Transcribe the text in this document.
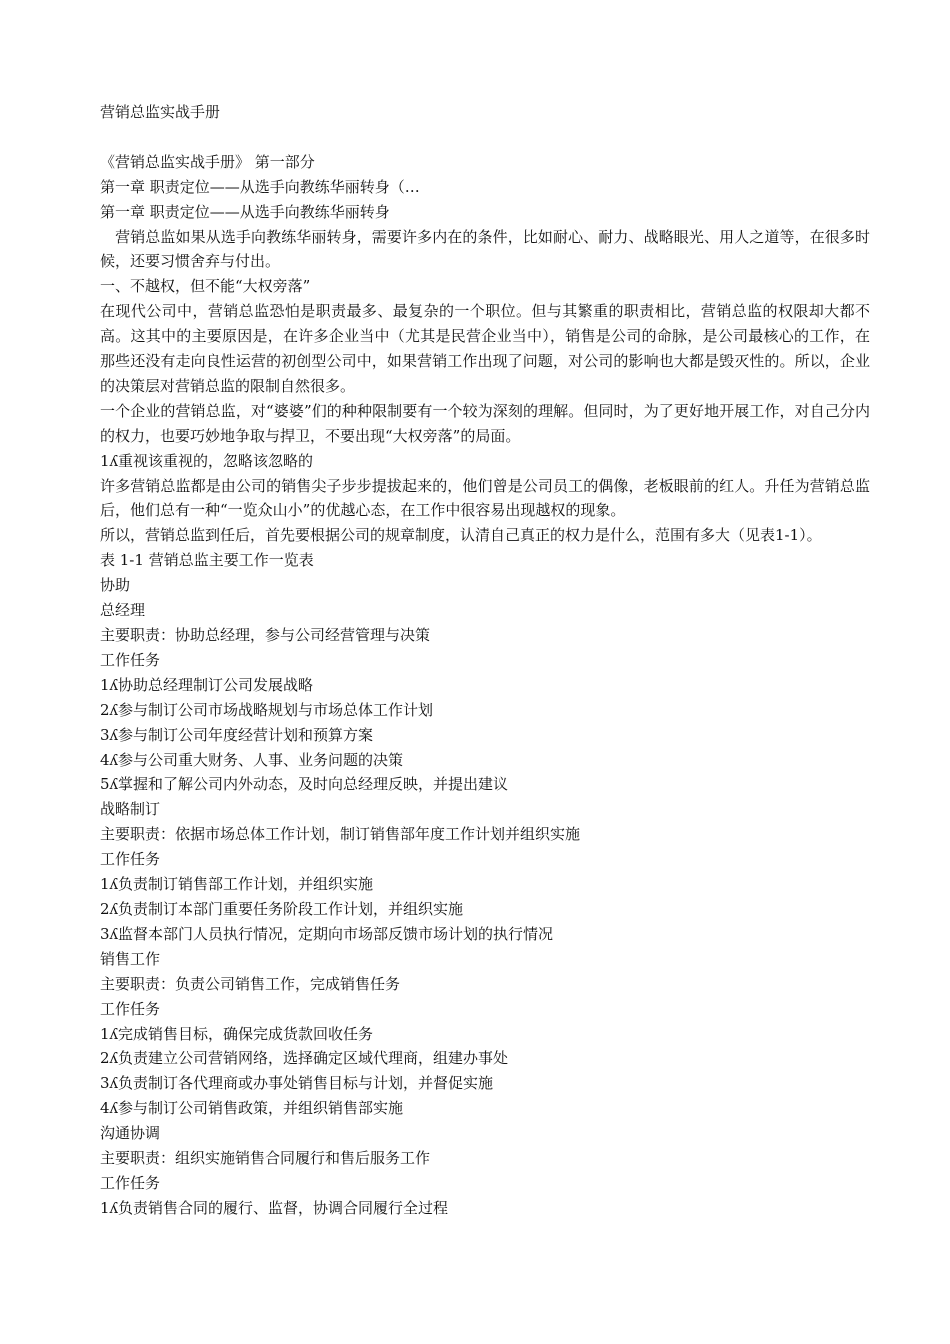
营销总监实战手册
《营销总监实战手册》 第一部分
第一章 职责定位——从选手向教练华丽转身（…
第一章 职责定位——从选手向教练华丽转身
　营销总监如果从选手向教练华丽转身，需要许多内在的条件，比如耐心、耐力、战略眼光、用人之道等，在很多时候，还要习惯舍弃与付出。
一、不越权，但不能“大权旁落”
在现代公司中，营销总监恐怕是职责最多、最复杂的一个职位。但与其繁重的职责相比，营销总监的权限却大都不高。这其中的主要原因是，在许多企业当中（尤其是民营企业当中），销售是公司的命脉，是公司最核心的工作，在那些还没有走向良性运营的初创型公司中，如果营销工作出现了问题，对公司的影响也大都是毁灭性的。所以，企业的决策层对营销总监的限制自然很多。
一个企业的营销总监，对“婆婆”们的种种限制要有一个较为深刻的理解。但同时，为了更好地开展工作，对自己分内的权力，也要巧妙地争取与捍卫，不要出现“大权旁落”的局面。
1ʎ重视该重视的，忽略该忽略的
许多营销总监都是由公司的销售尖子步步提拔起来的，他们曾是公司员工的偶像，老板眼前的红人。升任为营销总监后，他们总有一种“一览众山小”的优越心态，在工作中很容易出现越权的现象。
所以，营销总监到任后，首先要根据公司的规章制度，认清自己真正的权力是什么，范围有多大（见表1-1）。
表 1-1 营销总监主要工作一览表
协助
总经理
主要职责：协助总经理，参与公司经营管理与决策
工作任务
1ʎ协助总经理制订公司发展战略
2ʎ参与制订公司市场战略规划与市场总体工作计划
3ʎ参与制订公司年度经营计划和预算方案
4ʎ参与公司重大财务、人事、业务问题的决策
5ʎ掌握和了解公司内外动态，及时向总经理反映，并提出建议
战略制订
主要职责：依据市场总体工作计划，制订销售部年度工作计划并组织实施
工作任务
1ʎ负责制订销售部工作计划，并组织实施
2ʎ负责制订本部门重要任务阶段工作计划，并组织实施
3ʎ监督本部门人员执行情况，定期向市场部反馈市场计划的执行情况
销售工作
主要职责：负责公司销售工作，完成销售任务
工作任务
1ʎ完成销售目标，确保完成货款回收任务
2ʎ负责建立公司营销网络，选择确定区域代理商，组建办事处
3ʎ负责制订各代理商或办事处销售目标与计划，并督促实施
4ʎ参与制订公司销售政策，并组织销售部实施
沟通协调
主要职责：组织实施销售合同履行和售后服务工作
工作任务
1ʎ负责销售合同的履行、监督，协调合同履行全过程
